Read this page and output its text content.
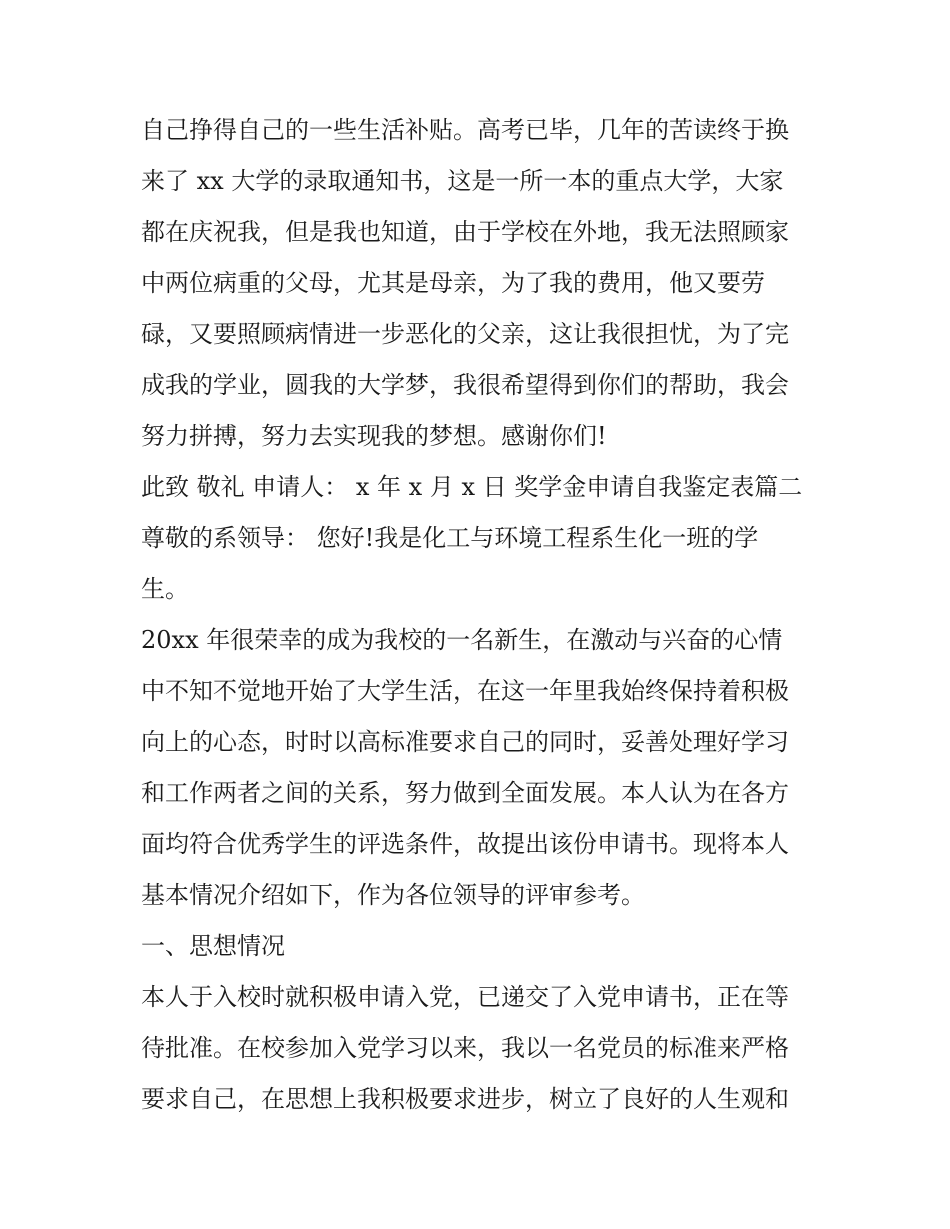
自己挣得自己的一些生活补贴。高考已毕，几年的苦读终于换
来了 xx 大学的录取通知书，这是一所一本的重点大学，大家
都在庆祝我，但是我也知道，由于学校在外地，我无法照顾家
中两位病重的父母，尤其是母亲，为了我的费用，他又要劳
碌，又要照顾病情进一步恶化的父亲，这让我很担忧，为了完
成我的学业，圆我的大学梦，我很希望得到你们的帮助，我会
努力拼搏，努力去实现我的梦想。感谢你们!
此致 敬礼 申请人： x 年 x 月 x 日 奖学金申请自我鉴定表篇二
尊敬的系领导： 您好!我是化工与环境工程系生化一班的学
生。
20xx 年很荣幸的成为我校的一名新生，在激动与兴奋的心情
中不知不觉地开始了大学生活，在这一年里我始终保持着积极
向上的心态，时时以高标准要求自己的同时，妥善处理好学习
和工作两者之间的关系，努力做到全面发展。本人认为在各方
面均符合优秀学生的评选条件，故提出该份申请书。现将本人
基本情况介绍如下，作为各位领导的评审参考。
一、思想情况
本人于入校时就积极申请入党，已递交了入党申请书，正在等
待批准。在校参加入党学习以来，我以一名党员的标准来严格
要求自己，在思想上我积极要求进步，树立了良好的人生观和
